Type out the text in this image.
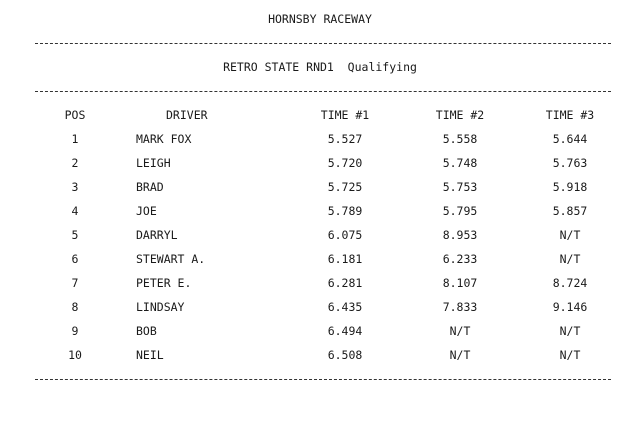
HORNSBY RACEWAY
RETRO STATE RND1  Qualifying
POS	DRIVER	TIME #1	TIME #2	TIME #3
1	MARK FOX	5.527	5.558	5.644
2	LEIGH	5.720	5.748	5.763
3	BRAD	5.725	5.753	5.918
4	JOE	5.789	5.795	5.857
5	DARRYL	6.075	8.953	N/T
6	STEWART A.	6.181	6.233	N/T
7	PETER E.	6.281	8.107	8.724
8	LINDSAY	6.435	7.833	9.146
9	BOB	6.494	N/T	N/T
10	NEIL	6.508	N/T	N/T
